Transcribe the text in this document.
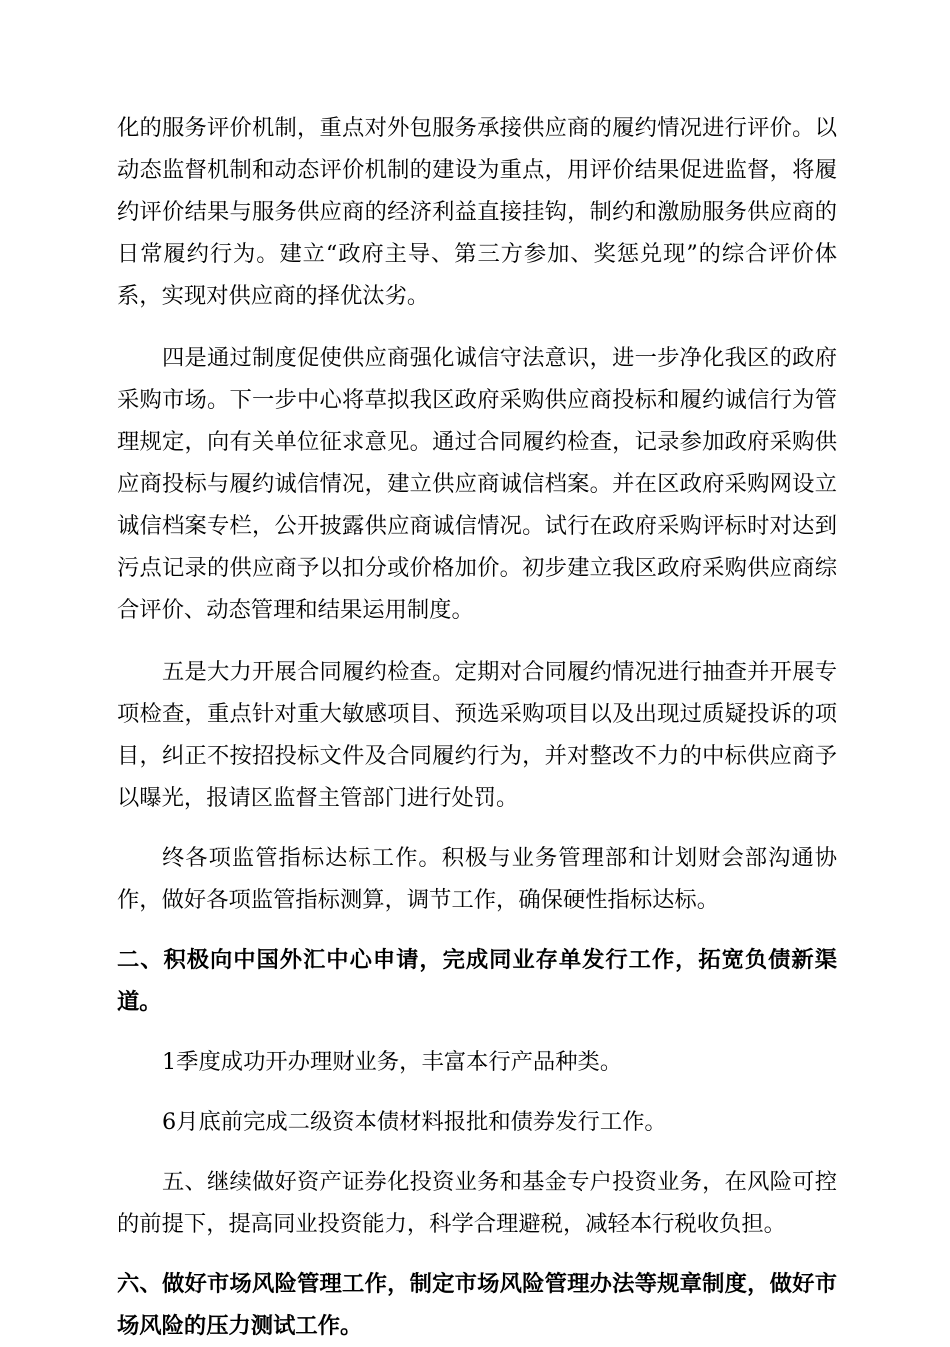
化的服务评价机制，重点对外包服务承接供应商的履约情况进行评价。以动态监督机制和动态评价机制的建设为重点，用评价结果促进监督，将履约评价结果与服务供应商的经济利益直接挂钩，制约和激励服务供应商的日常履约行为。建立“政府主导、第三方参加、奖惩兑现”的综合评价体系，实现对供应商的择优汰劣。

四是通过制度促使供应商强化诚信守法意识，进一步净化我区的政府采购市场。下一步中心将草拟我区政府采购供应商投标和履约诚信行为管理规定，向有关单位征求意见。通过合同履约检查，记录参加政府采购供应商投标与履约诚信情况，建立供应商诚信档案。并在区政府采购网设立诚信档案专栏，公开披露供应商诚信情况。试行在政府采购评标时对达到污点记录的供应商予以扣分或价格加价。初步建立我区政府采购供应商综合评价、动态管理和结果运用制度。

五是大力开展合同履约检查。定期对合同履约情况进行抽查并开展专项检查，重点针对重大敏感项目、预选采购项目以及出现过质疑投诉的项目，纠正不按招投标文件及合同履约行为，并对整改不力的中标供应商予以曝光，报请区监督主管部门进行处罚。

终各项监管指标达标工作。积极与业务管理部和计划财会部沟通协作，做好各项监管指标测算，调节工作，确保硬性指标达标。

二、积极向中国外汇中心申请，完成同业存单发行工作，拓宽负债新渠道。

1季度成功开办理财业务，丰富本行产品种类。

6月底前完成二级资本债材料报批和债券发行工作。

五、继续做好资产证券化投资业务和基金专户投资业务，在风险可控的前提下，提高同业投资能力，科学合理避税，减轻本行税收负担。

六、做好市场风险管理工作，制定市场风险管理办法等规章制度，做好市场风险的压力测试工作。
